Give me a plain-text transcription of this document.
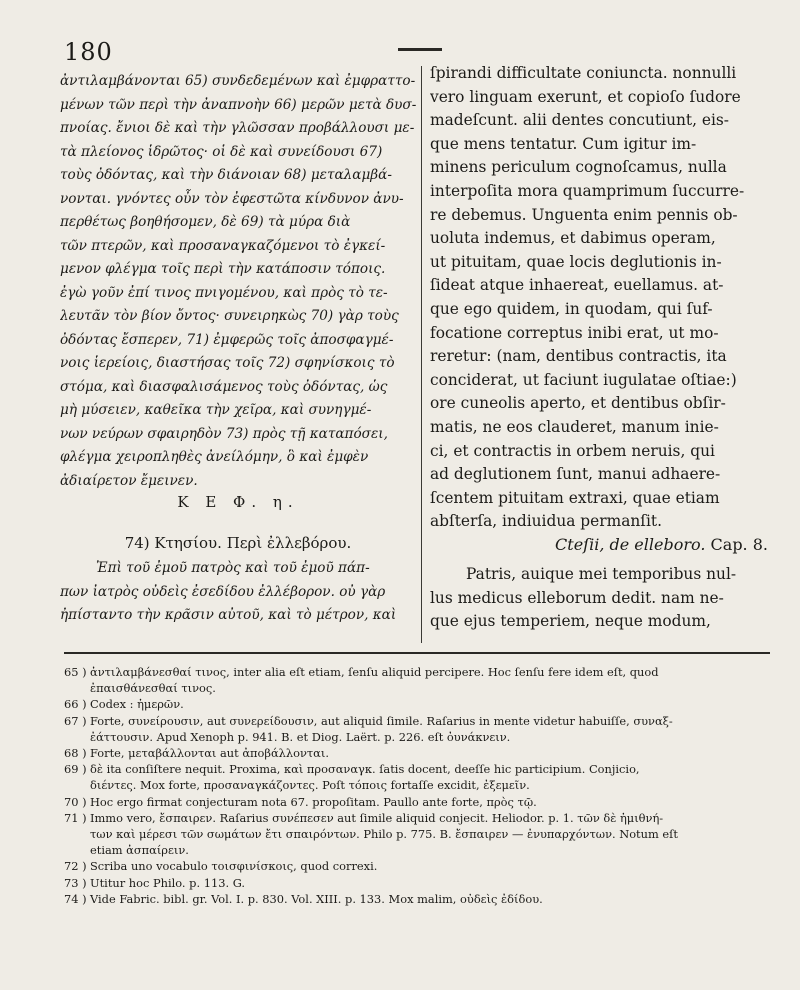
180
ἀντιλαμβάνονται 65) συνδεδεμένων καὶ ἐμφραττο-
μένων τῶν περὶ τὴν ἀναπνοὴν 66) μερῶν μετὰ δυσ-
πνοίας. ἔνιοι δὲ καὶ τὴν γλῶσσαν προβάλλουσι με-
τὰ πλείονος ἱδρῶτος· οἱ δὲ καὶ συνείδουσι 67)
τοὺς ὀδόντας, καὶ τὴν διάνοιαν 68) μεταλαμβά-
νονται. γνόντες οὖν τὸν ἐφεστῶτα κίνδυνον ἀνυ-
περθέτως βοηθήσομεν, δὲ 69) τὰ μύρα διὰ
τῶν πτερῶν, καὶ προσαναγκαζόμενοι τὸ ἐγκεί-
μενον φλέγμα τοῖς περὶ τὴν κατάποσιν τόποις.
ἐγὼ γοῦν ἐπί τινος πνιγομένου, καὶ πρὸς τὸ τε-
λευτᾶν τὸν βίον ὄντος· συνειρηκὼς 70) γὰρ τοὺς
ὀδόντας ἔσπερεν, 71) ἐμφερῶς τοῖς ἀποσφαγμέ-
νοις ἱερείοις, διαστήσας τοῖς 72) σφηνίσκοις τὸ
στόμα, καὶ διασφαλισάμενος τοὺς ὀδόντας, ὡς
μὴ μύσειεν, καθεῖκα τὴν χεῖρα, καὶ συνηγμέ-
νων νεύρων σφαιρηδὸν 73) πρὸς τῇ καταπόσει,
φλέγμα χειροπληθὲς ἀνείλόμην, ὃ καὶ ἐμφὲν
ἀδιαίρετον ἔμεινεν.
ſpirandi difficultate coniuncta. nonnulli
vero linguam exerunt, et copioſo ſudore
madeſcunt. alii dentes concutiunt, eis-
que mens tentatur. Cum igitur im-
minens periculum cognoſcamus, nulla
interpoſita mora quamprimum ſuccurre-
re debemus. Unguenta enim pennis ob-
uoluta indemus, et dabimus operam,
ut pituitam, quae locis deglutionis in-
ſideat atque inhaereat, euellamus. at-
que ego quidem, in quodam, qui ſuf-
focatione correptus inibi erat, ut mo-
reretur: (nam, dentibus contractis, ita
conciderat, ut faciunt iugulatae oſtiae:)
ore cuneolis aperto, et dentibus obſir-
matis, ne eos clauderet, manum inie-
ci, et contractis in orbem neruis, qui
ad deglutionem ſunt, manui adhaere-
ſcentem pituitam extraxi, quae etiam
abſterſa, indiuidua permanſit.
Κ Ε Φ. η.
74) Κτησίου. Περὶ ἐλλεβόρου.
Ἐπὶ τοῦ ἐμοῦ πατρὸς καὶ τοῦ ἐμοῦ πάπ-
πων ἰατρὸς οὐδεὶς ἐσεδίδου ἐλλέβορον. οὐ γὰρ
ἠπίσταντο τὴν κρᾶσιν αὐτοῦ, καὶ τὸ μέτρον, καὶ
Cteſii, de elleboro. Cap. 8.
Patris, auique mei temporibus nul-
lus medicus elleborum dedit. nam ne-
que ejus temperiem, neque modum,
65 ) ἀντιλαμβάνεσθαί τινος, inter alia eſt etiam, ſenſu aliquid percipere. Hoc ſenſu fere idem eſt, quod
ἐπαισθάνεσθαί τινος.
66 ) Codex : ἡμερῶν.
67 ) Forte, συνείρουσιν, aut συνερείδουσιν, aut aliquid ſimile. Raſarius in mente videtur habuiſſe, συναξ-
ἐάττουσιν. Apud Xenoph p. 941. B. et Diog. Laërt. p. 226. eſt ὀυνάκνειν.
68 ) Forte, μεταβάλλονται aut ἀποβάλλονται.
69 ) δὲ ita conſiſtere nequit. Proxima, καὶ προσαναγκ. ſatis docent, deeſſe hic participium. Conjicio,
διέντες. Mox forte, προσαναγκάζοντες. Poſt τόποις fortaſſe excidit, ἐξεμεῖν.
70 ) Hoc ergo firmat conjecturam nota 67. propoſitam. Paullo ante forte, πρὸς τῷ.
71 ) Immo vero, ἔσπαιρεν. Raſarius συνέπεσεν aut ſimile aliquid conjecit. Heliodor. p. 1. τῶν δὲ ἡμιθνή-
των καὶ μέρεσι τῶν σωμάτων ἔτι σπαιρόντων. Philo p. 775. B. ἔσπαιρεν — ἐνυπαρχόντων. Notum eſt
etiam ἀσπαίρειν.
72 ) Scriba uno vocabulo τοισφινίσκοις, quod correxi.
73 ) Utitur hoc Philo. p. 113. G.
74 ) Vide Fabric. bibl. gr. Vol. I. p. 830. Vol. XIII. p. 133. Mox malim, οὐδεὶς ἐδίδου.
